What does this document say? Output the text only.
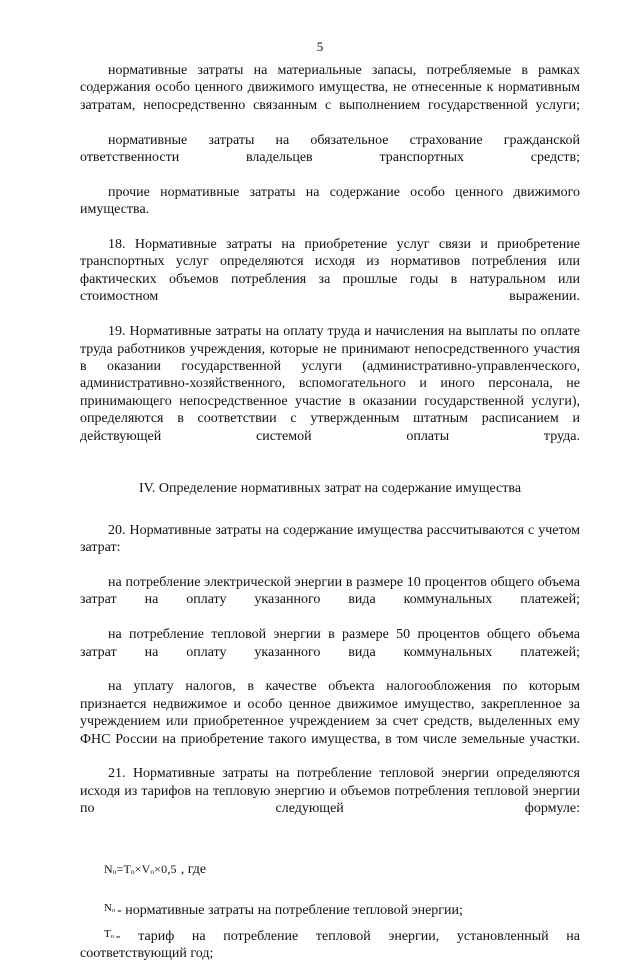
5

нормативные затраты на материальные запасы, потребляемые в рамках содержания особо ценного движимого имущества, не отнесенные к нормативным затратам, непосредственно связанным с выполнением государственной услуги;

нормативные затраты на обязательное страхование гражданской ответственности владельцев транспортных средств;

прочие нормативные затраты на содержание особо ценного движимого имущества.

18. Нормативные затраты на приобретение услуг связи и приобретение транспортных услуг определяются исходя из нормативов потребления или фактических объемов потребления за прошлые годы в натуральном или стоимостном выражении.

19. Нормативные затраты на оплату труда и начисления на выплаты по оплате труда работников учреждения, которые не принимают непосредственного участия в оказании государственной услуги (административно-управленческого, административно-хозяйственного, вспомогательного и иного персонала, не принимающего непосредственное участие в оказании государственной услуги), определяются в соответствии с утвержденным штатным расписанием и действующей системой оплаты труда.

IV. Определение нормативных затрат на содержание имущества

20. Нормативные затраты на содержание имущества рассчитываются с учетом затрат:

на потребление электрической энергии в размере 10 процентов общего объема затрат на оплату указанного вида коммунальных платежей;

на потребление тепловой энергии в размере 50 процентов общего объема затрат на оплату указанного вида коммунальных платежей;

на уплату налогов, в качестве объекта налогообложения по которым признается недвижимое и особо ценное движимое имущество, закрепленное за учреждением или приобретенное учреждением за счет средств, выделенных ему ФНС России на приобретение такого имущества, в том числе земельные участки.

21. Нормативные затраты на потребление тепловой энергии определяются исходя из тарифов на тепловую энергию и объемов потребления тепловой энергии по следующей формуле:

Nₒ=Tₒ×Vₒ×0,5 , где

$^{N_o}$ - нормативные затраты на потребление тепловой энергии;

$^{T_o}$ - тариф на потребление тепловой энергии, установленный на соответствующий год;
